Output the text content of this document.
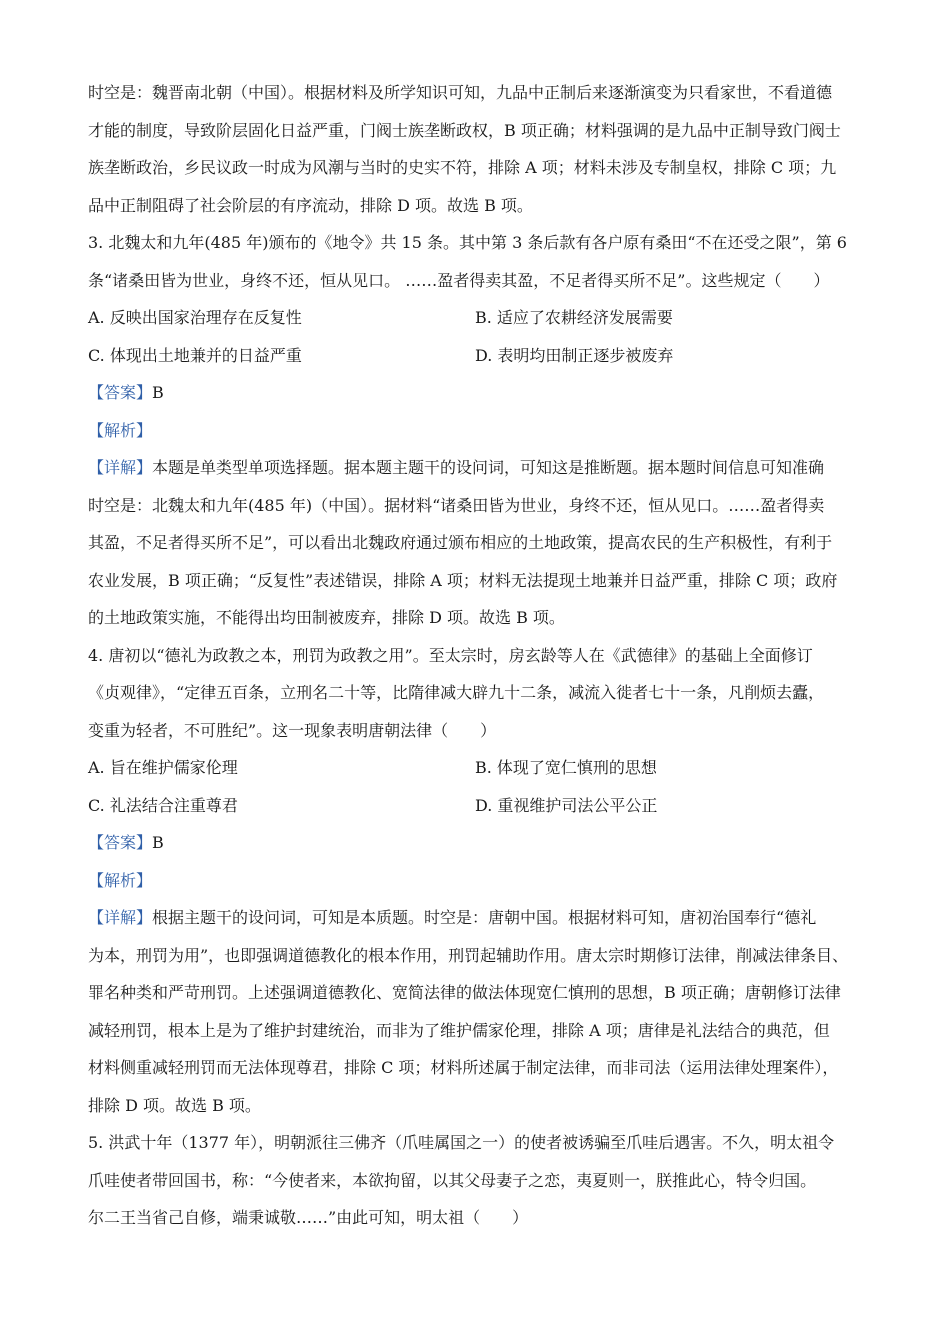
时空是：魏晋南北朝（中国）。根据材料及所学知识可知，九品中正制后来逐渐演变为只看家世，不看道德
才能的制度，导致阶层固化日益严重，门阀士族垄断政权，B 项正确；材料强调的是九品中正制导致门阀士
族垄断政治，乡民议政一时成为风潮与当时的史实不符，排除 A 项；材料未涉及专制皇权，排除 C 项；九
品中正制阻碍了社会阶层的有序流动，排除 D 项。故选 B 项。
3. 北魏太和九年(485 年)颁布的《地令》共 15 条。其中第 3 条后款有各户原有桑田“不在还受之限”，第 6
条“诸桑田皆为世业，身终不还，恒从见口。 ……盈者得卖其盈，不足者得买所不足”。这些规定（　　）
A. 反映出国家治理存在反复性	B. 适应了农耕经济发展需要
C. 体现出土地兼并的日益严重	D. 表明均田制正逐步被废弃
【答案】B
【解析】
【详解】本题是单类型单项选择题。据本题主题干的设问词，可知这是推断题。据本题时间信息可知准确
时空是：北魏太和九年(485 年)（中国）。据材料“诸桑田皆为世业，身终不还，恒从见口。……盈者得卖
其盈，不足者得买所不足”，可以看出北魏政府通过颁布相应的土地政策，提高农民的生产积极性，有利于
农业发展，B 项正确；“反复性”表述错误，排除 A 项；材料无法提现土地兼并日益严重，排除 C 项；政府
的土地政策实施，不能得出均田制被废弃，排除 D 项。故选 B 项。
4. 唐初以“德礼为政教之本，刑罚为政教之用”。至太宗时，房玄龄等人在《武德律》的基础上全面修订
《贞观律》，“定律五百条，立刑名二十等，比隋律减大辟九十二条，减流入徙者七十一条，凡削烦去蠹，
变重为轻者，不可胜纪”。这一现象表明唐朝法律（　　）
A. 旨在维护儒家伦理	B. 体现了宽仁慎刑的思想
C. 礼法结合注重尊君	D. 重视维护司法公平公正
【答案】B
【解析】
【详解】根据主题干的设问词，可知是本质题。时空是：唐朝中国。根据材料可知，唐初治国奉行“德礼
为本，刑罚为用”，也即强调道德教化的根本作用，刑罚起辅助作用。唐太宗时期修订法律，削减法律条目、
罪名种类和严苛刑罚。上述强调道德教化、宽简法律的做法体现宽仁慎刑的思想，B 项正确；唐朝修订法律
减轻刑罚，根本上是为了维护封建统治，而非为了维护儒家伦理，排除 A 项；唐律是礼法结合的典范，但
材料侧重减轻刑罚而无法体现尊君，排除 C 项；材料所述属于制定法律，而非司法（运用法律处理案件），
排除 D 项。故选 B 项。
5. 洪武十年（1377 年），明朝派往三佛齐（爪哇属国之一）的使者被诱骗至爪哇后遇害。不久，明太祖令
爪哇使者带回国书，称：“今使者来，本欲拘留，以其父母妻子之恋，夷夏则一，朕推此心，特令归国。
尔二王当省己自修，端秉诚敬……”由此可知，明太祖（　　）
